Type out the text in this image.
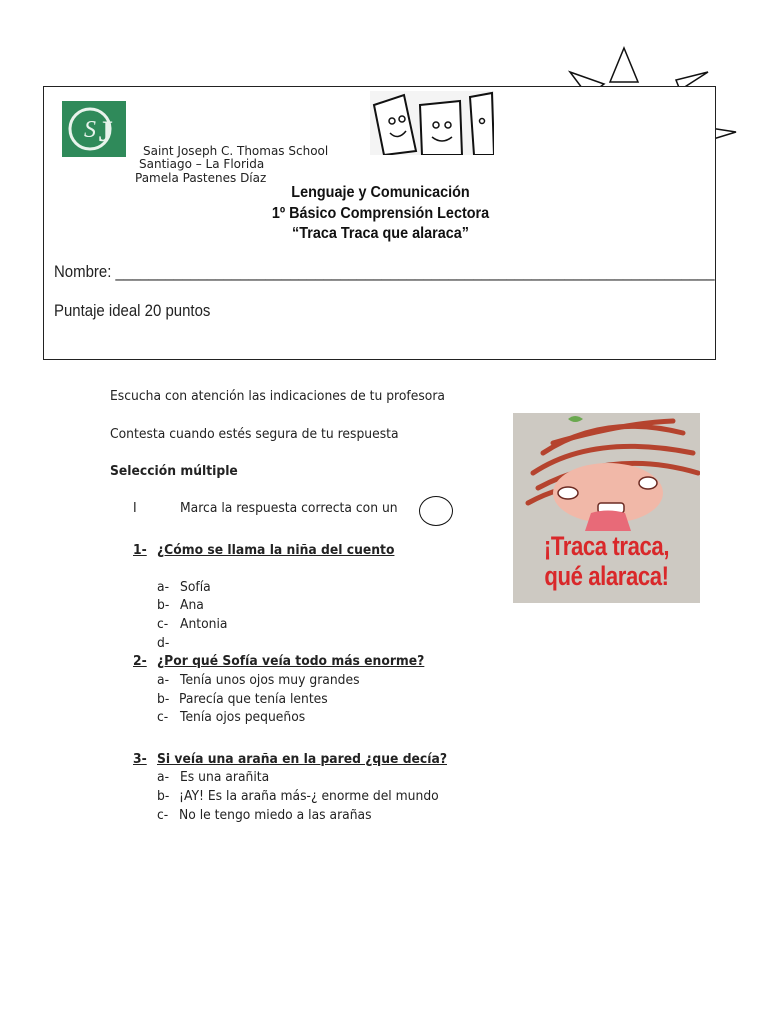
S J
Saint Joseph C. Thomas School
Santiago – La Florida
Pamela Pastenes Díaz
Lenguaje y Comunicación
1º Básico Comprensión Lectora
“Traca Traca que alaraca”
Nombre: ________________________________________________________________________
Puntaje ideal 20 puntos
Escucha con atención las indicaciones de tu profesora
Contesta cuando estés segura de tu respuesta
Selección múltiple
I	Marca la respuesta correcta con un
1- ¿Cómo se llama la niña del cuento
a- Sofía
b- Ana
c- Antonia
d-
2- ¿Por qué Sofía veía todo más enorme?
a- Tenía unos ojos muy grandes
b- Parecía que tenía lentes
c- Tenía ojos pequeños
3- Si veía una araña en la pared ¿que decía?
a- Es una arañita
b- ¡AY! Es la araña más-¿ enorme del mundo
c- No le tengo miedo a las arañas
¡Traca traca,
qué alaraca!
